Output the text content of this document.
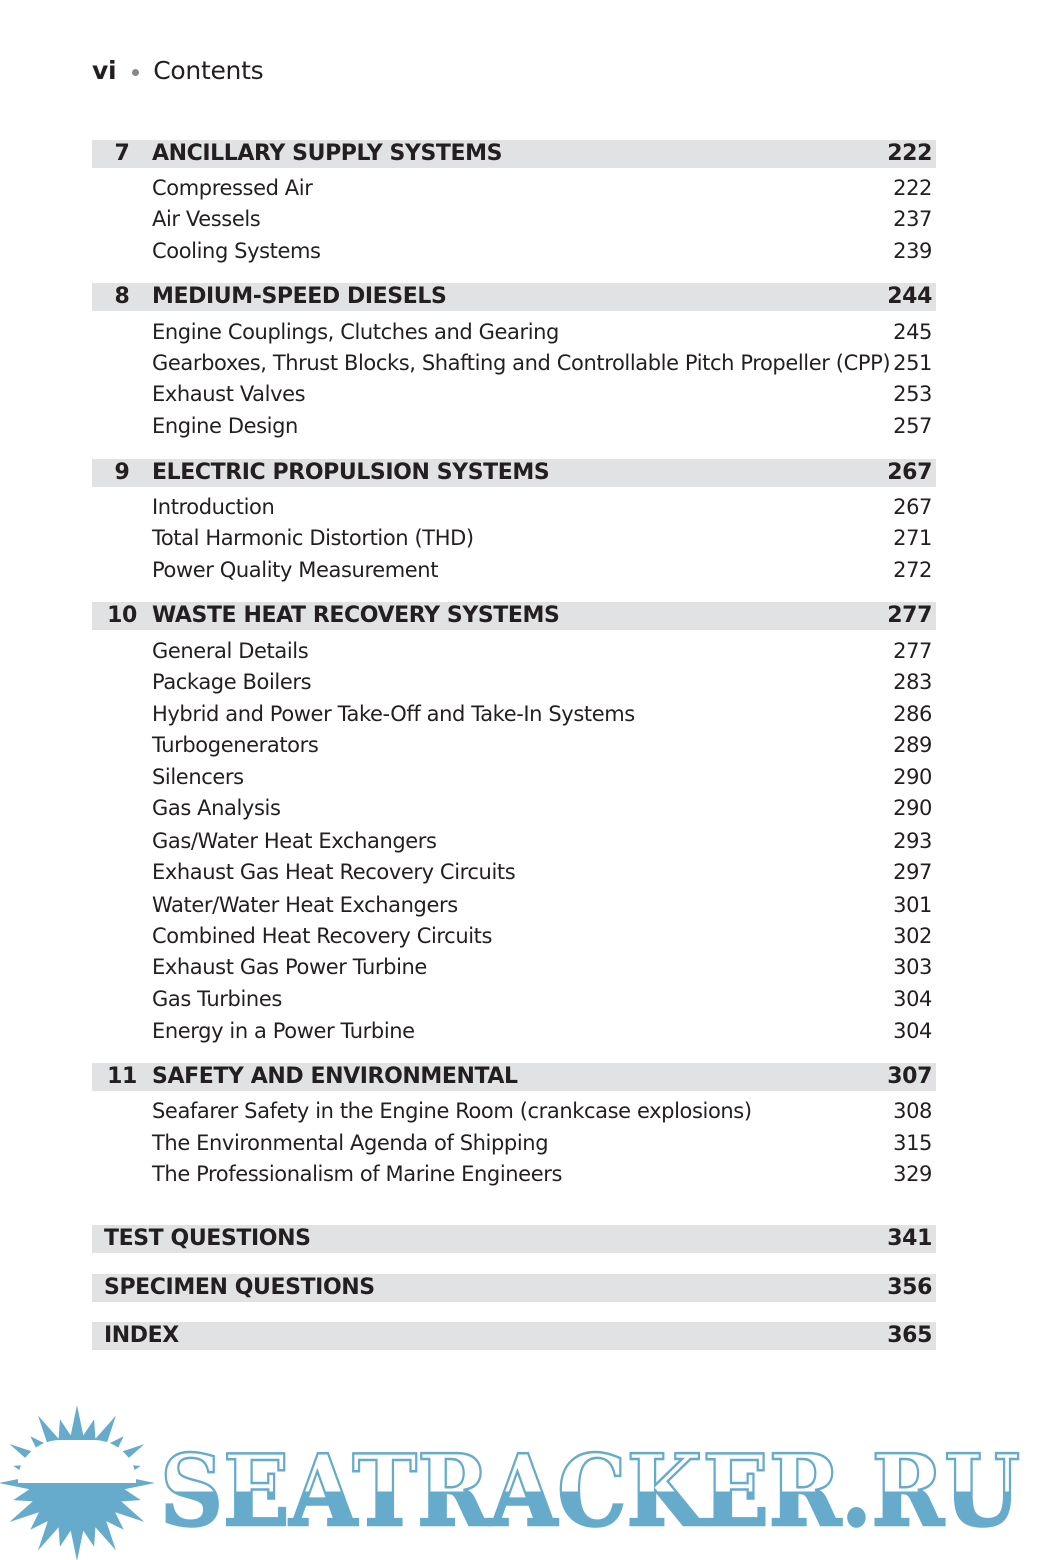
vi Contents
7	ANCILLARY SUPPLY SYSTEMS	222
Compressed Air	222
Air Vessels	237
Cooling Systems	239
8	MEDIUM-SPEED DIESELS	244
Engine Couplings, Clutches and Gearing	245
Gearboxes, Thrust Blocks, Shafting and Controllable Pitch Propeller (CPP) 251
Exhaust Valves	253
Engine Design	257
9	ELECTRIC PROPULSION SYSTEMS	267
Introduction	267
Total Harmonic Distortion (THD)	271
Power Quality Measurement	272
10 WASTE HEAT RECOVERY SYSTEMS	277
General Details	277
Package Boilers	283
Hybrid and Power Take-Off and Take-In Systems	286
Turbogenerators	289
Silencers	290
Gas Analysis	290
Gas/Water Heat Exchangers	293
Exhaust Gas Heat Recovery Circuits	297
Water/Water Heat Exchangers	301
Combined Heat Recovery Circuits	302
Exhaust Gas Power Turbine	303
Gas Turbines	304
Energy in a Power Turbine	304
11 SAFETY AND ENVIRONMENTAL	307
Seafarer Safety in the Engine Room (crankcase explosions)	308
The Environmental Agenda of Shipping	315
The Professionalism of Marine Engineers	329
TEST QUESTIONS	341
SPECIMEN QUESTIONS	356
INDEX	365
SEATRACKER.RU
